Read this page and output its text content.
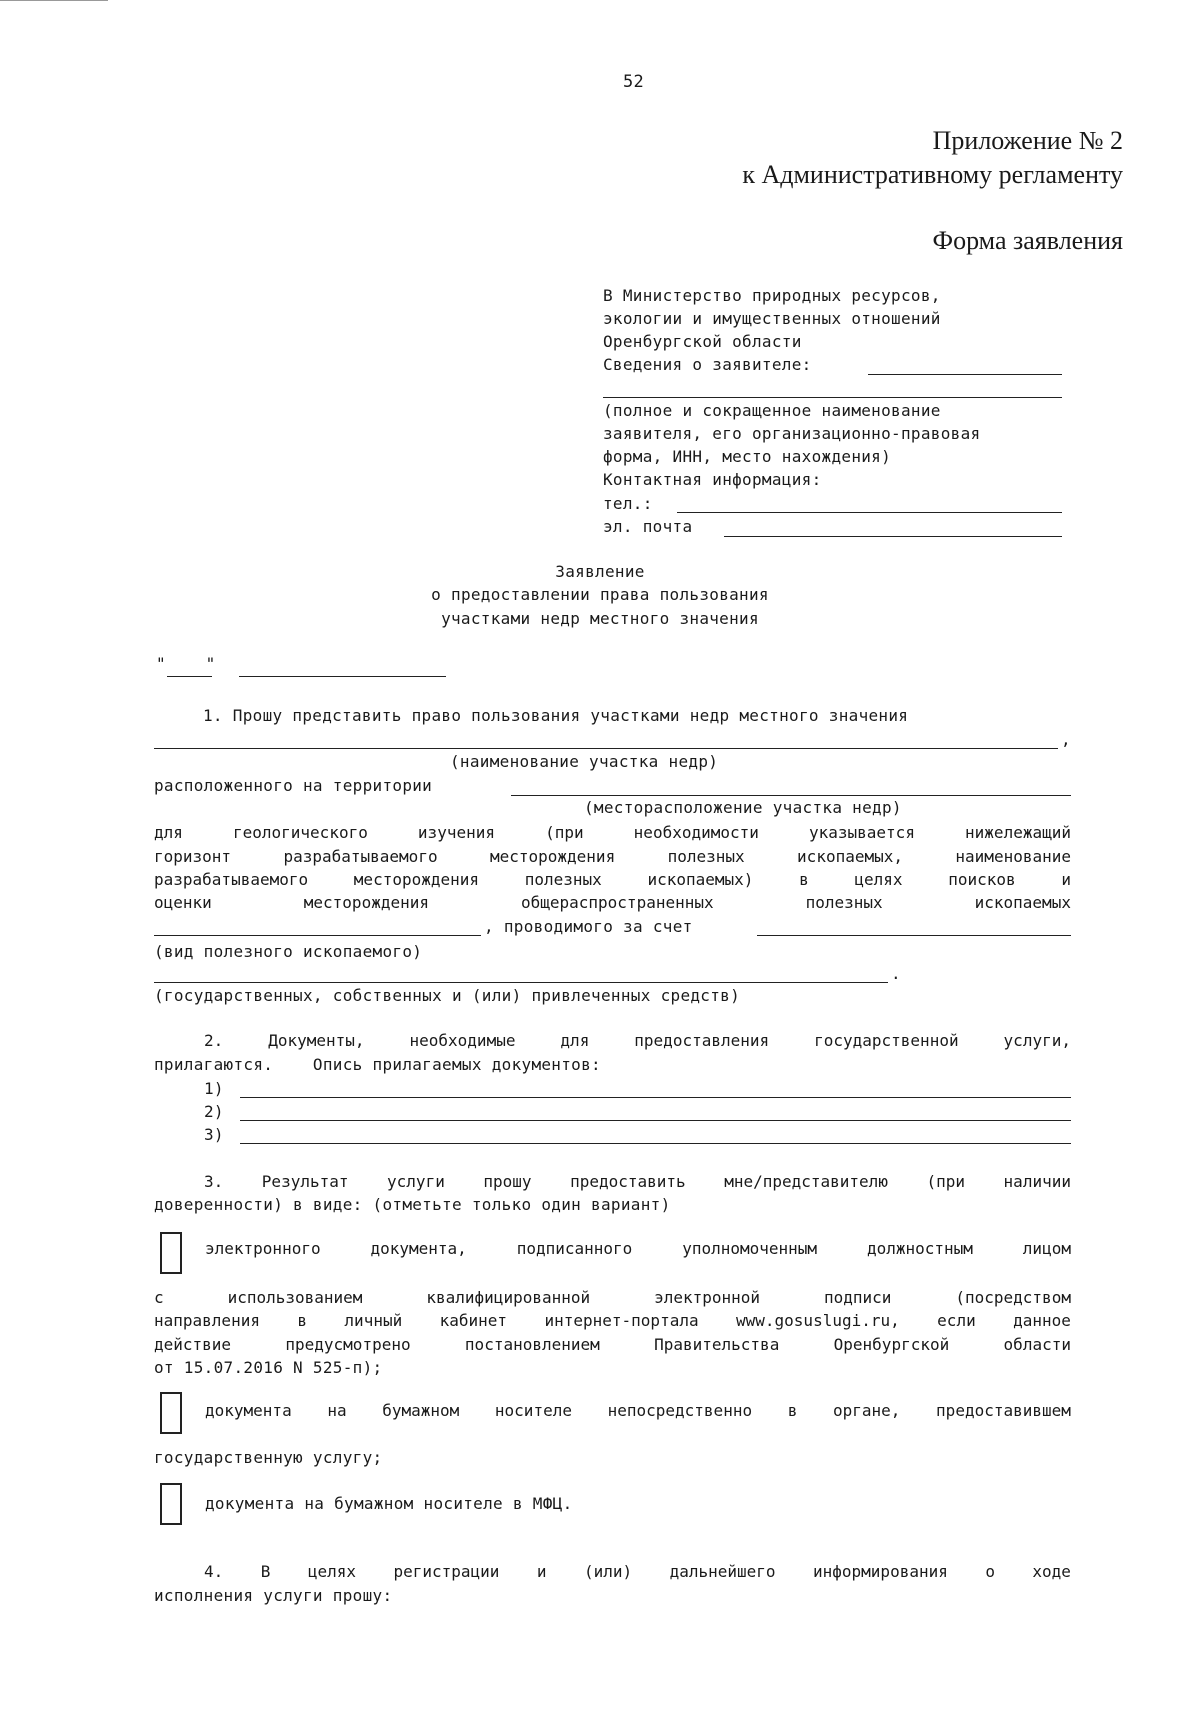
52
Приложение № 2
к Административному регламенту
Форма заявления
В Министерство природных ресурсов,
экологии и имущественных отношений
Оренбургской области
Сведения о заявителе:
(полное и сокращенное наименование
заявителя, его организационно-правовая
форма, ИНН, место нахождения)
Контактная информация:
тел.:
эл. почта
Заявление
о предоставлении права пользования
участками недр местного значения
"    "
1. Прошу представить право пользования участками недр местного значения
,
(наименование участка недр)
расположенного на территории
(месторасположение участка недр)
для	геологического	изучения	(при	необходимости	указывается	нижележащий
горизонт	разрабатываемого	месторождения	полезных	ископаемых,	наименование
разрабатываемого	месторождения	полезных	ископаемых)	в	целях	поисков	и
оценки	месторождения	общераспространенных	полезных	ископаемых
, проводимого за счет
(вид полезного ископаемого)
.
(государственных, собственных и (или) привлеченных средств)
2.	Документы,	необходимые	для	предоставления	государственной	услуги,
прилагаются.    Опись прилагаемых документов:
1)
2)
3)
3. Результат услуги прошу предоставить мне/представителю (при наличии
доверенности) в виде: (отметьте только один вариант)
электронного	документа,	подписанного	уполномоченным	должностным	лицом
с	использованием	квалифицированной	электронной	подписи	(посредством
направления в личный кабинет интернет-портала www.gosuslugi.ru, если данное
действие	предусмотрено	постановлением	Правительства	Оренбургской	области
от 15.07.2016 N 525-п);
документа на бумажном носителе непосредственно в органе, предоставившем
государственную услугу;
документа на бумажном носителе в МФЦ.
4. В целях регистрации и (или) дальнейшего информирования о ходе
исполнения услуги прошу:
